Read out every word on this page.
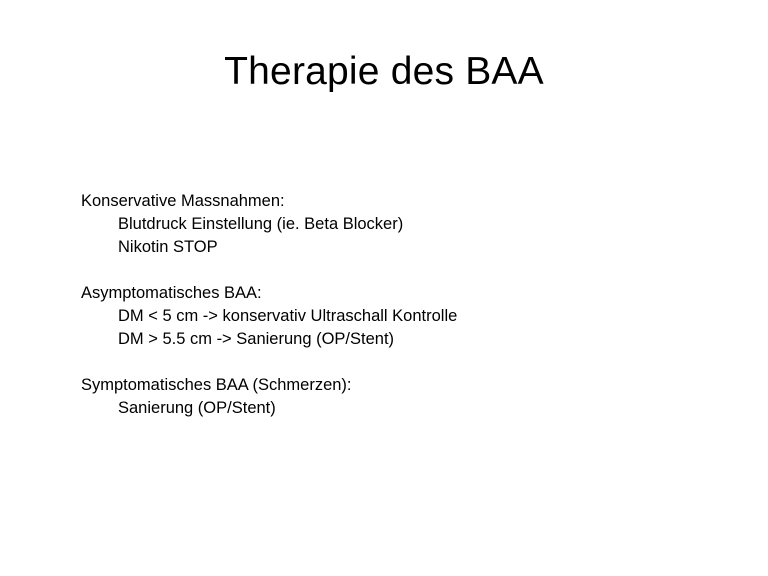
Therapie des BAA

Konservative Massnahmen:

Blutdruck Einstellung (ie. Beta Blocker)
Nikotin STOP

Asymptomatisches BAA:

DM < 5 cm -> konservativ Ultraschall Kontrolle
DM > 5.5 cm -> Sanierung (OP/Stent)

Symptomatisches BAA (Schmerzen):

Sanierung (OP/Stent)
